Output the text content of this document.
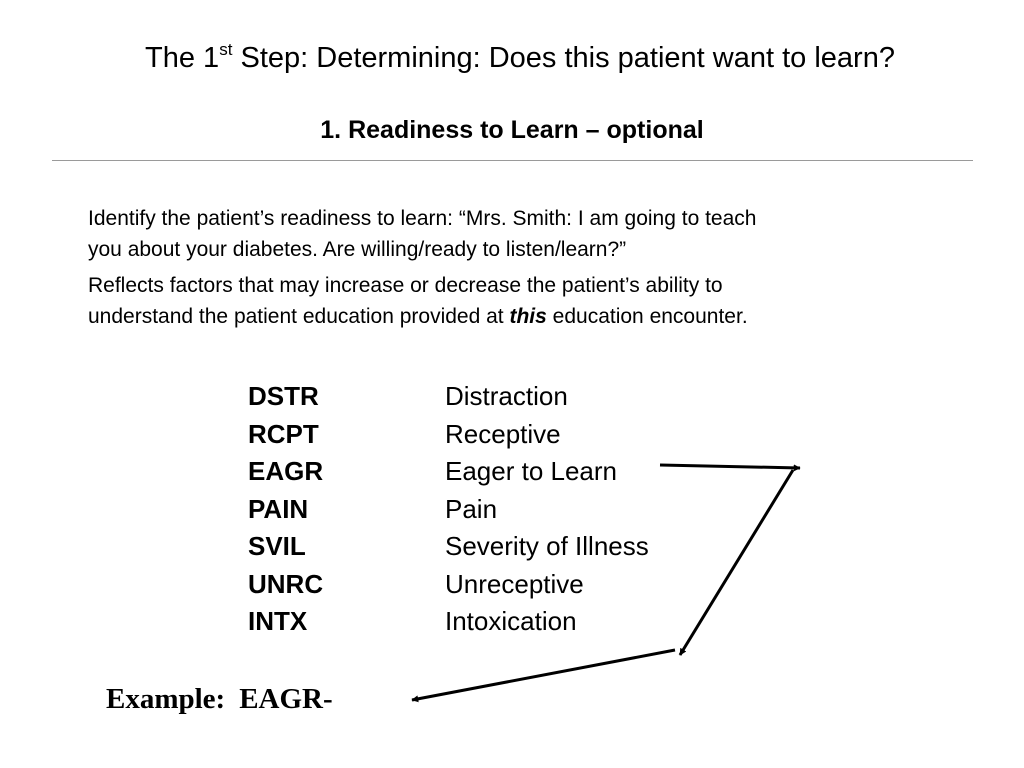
The 1st Step: Determining: Does this patient want to learn?
1. Readiness to Learn – optional
Identify the patient’s readiness to learn: “Mrs. Smith: I am going to teach
you about your diabetes. Are willing/ready to listen/learn?”
Reflects factors that may increase or decrease the patient’s ability to
understand the patient education provided at this education encounter.
DSTR	Distraction
RCPT	Receptive
EAGR	Eager to Learn
PAIN	Pain
SVIL	Severity of Illness
UNRC	Unreceptive
INTX	Intoxication
Example: EAGR-
